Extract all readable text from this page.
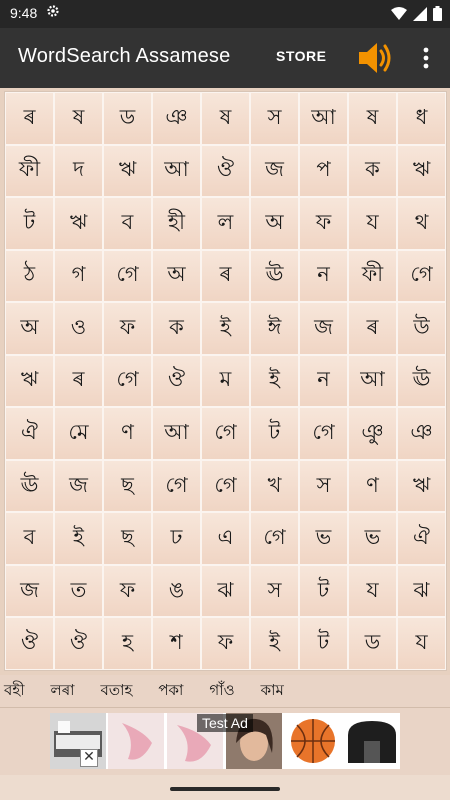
9:48
WordSearch Assamese	STORE
ৰ	ষ	ড	ঞ	ষ	স	আ	ষ	ধ
ফী	দ	ঋ	আ	ঔ	জ	প	ক	ঋ
ট	ঋ	ব	হী	ল	অ	ফ	য	থ
ঠ	গ	গে	অ	ৰ	ঊ	ন	ফী	গে
অ	ও	ফ	ক	ই	ঈ	জ	ৰ	উ
ঋ	ৰ	গে	ঔ	ম	ই	ন	আ	ঊ
ঐ	মে	ণ	আ	গে	ট	গে	ঞু	ঞ
ঊ	জ	ছ	গে	গে	খ	স	ণ	ঋ
ব	ই	ছ	ঢ	এ	গে	ভ	ভ	ঐ
জ	ত	ফ	ঙ	ঝ	স	ট	য	ঝ
ঔ	ঔ	হ	শ	ফ	ই	ট	ড	য
বহী লৰা বতাহ পকা গাঁও কাম
✕
Test Ad
